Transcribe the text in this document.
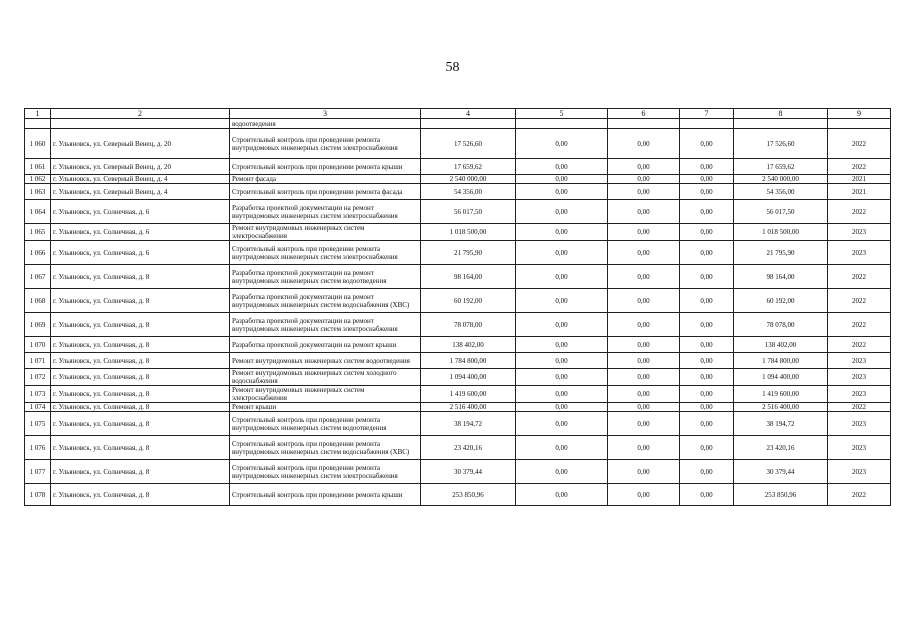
58
1	2	3	4	5	6	7	8	9
		водоотведения						
1 060	г. Ульяновск, ул. Северный Венец, д. 20	Строительный контроль при проведении ремонта внутридомовых инженерных систем электроснабжения	17 526,60	0,00	0,00	0,00	17 526,60	2022
1 061	г. Ульяновск, ул. Северный Венец, д. 20	Строительный контроль при проведении ремонта крыши	17 659,62	0,00	0,00	0,00	17 659,62	2022
1 062	г. Ульяновск, ул. Северный Венец, д. 4	Ремонт фасада	2 540 000,00	0,00	0,00	0,00	2 540 000,00	2021
1 063	г. Ульяновск, ул. Северный Венец, д. 4	Строительный контроль при проведении ремонта фасада	54 356,00	0,00	0,00	0,00	54 356,00	2021
1 064	г. Ульяновск, ул. Солнечная, д. 6	Разработка проектной документации на ремонт внутридомовых инженерных систем электроснабжения	56 017,50	0,00	0,00	0,00	56 017,50	2022
1 065	г. Ульяновск, ул. Солнечная, д. 6	Ремонт внутридомовых инженерных систем электроснабжения	1 018 500,00	0,00	0,00	0,00	1 018 500,00	2023
1 066	г. Ульяновск, ул. Солнечная, д. 6	Строительный контроль при проведении ремонта внутридомовых инженерных систем электроснабжения	21 795,90	0,00	0,00	0,00	21 795,90	2023
1 067	г. Ульяновск, ул. Солнечная, д. 8	Разработка проектной документации на ремонт внутридомовых инженерных систем водоотведения	98 164,00	0,00	0,00	0,00	98 164,00	2022
1 068	г. Ульяновск, ул. Солнечная, д. 8	Разработка проектной документации на ремонт внутридомовых инженерных систем водоснабжения (ХВС)	60 192,00	0,00	0,00	0,00	60 192,00	2022
1 069	г. Ульяновск, ул. Солнечная, д. 8	Разработка проектной документации на ремонт внутридомовых инженерных систем электроснабжения	78 078,00	0,00	0,00	0,00	78 078,00	2022
1 070	г. Ульяновск, ул. Солнечная, д. 8	Разработка проектной документации на ремонт крыши	138 402,00	0,00	0,00	0,00	138 402,00	2022
1 071	г. Ульяновск, ул. Солнечная, д. 8	Ремонт внутридомовых инженерных систем водоотведения	1 784 800,00	0,00	0,00	0,00	1 784 800,00	2023
1 072	г. Ульяновск, ул. Солнечная, д. 8	Ремонт внутридомовых инженерных систем холодного водоснабжения	1 094 400,00	0,00	0,00	0,00	1 094 400,00	2023
1 073	г. Ульяновск, ул. Солнечная, д. 8	Ремонт внутридомовых инженерных систем электроснабжения	1 419 600,00	0,00	0,00	0,00	1 419 600,00	2023
1 074	г. Ульяновск, ул. Солнечная, д. 8	Ремонт крыши	2 516 400,00	0,00	0,00	0,00	2 516 400,00	2022
1 075	г. Ульяновск, ул. Солнечная, д. 8	Строительный контроль при проведении ремонта внутридомовых инженерных систем водоотведения	38 194,72	0,00	0,00	0,00	38 194,72	2023
1 076	г. Ульяновск, ул. Солнечная, д. 8	Строительный контроль при проведении ремонта внутридомовых инженерных систем водоснабжения (ХВС)	23 420,16	0,00	0,00	0,00	23 420,16	2023
1 077	г. Ульяновск, ул. Солнечная, д. 8	Строительный контроль при проведении ремонта внутридомовых инженерных систем электроснабжения	30 379,44	0,00	0,00	0,00	30 379,44	2023
1 078	г. Ульяновск, ул. Солнечная, д. 8	Строительный контроль при проведении ремонта крыши	253 850,96	0,00	0,00	0,00	253 850,96	2022
